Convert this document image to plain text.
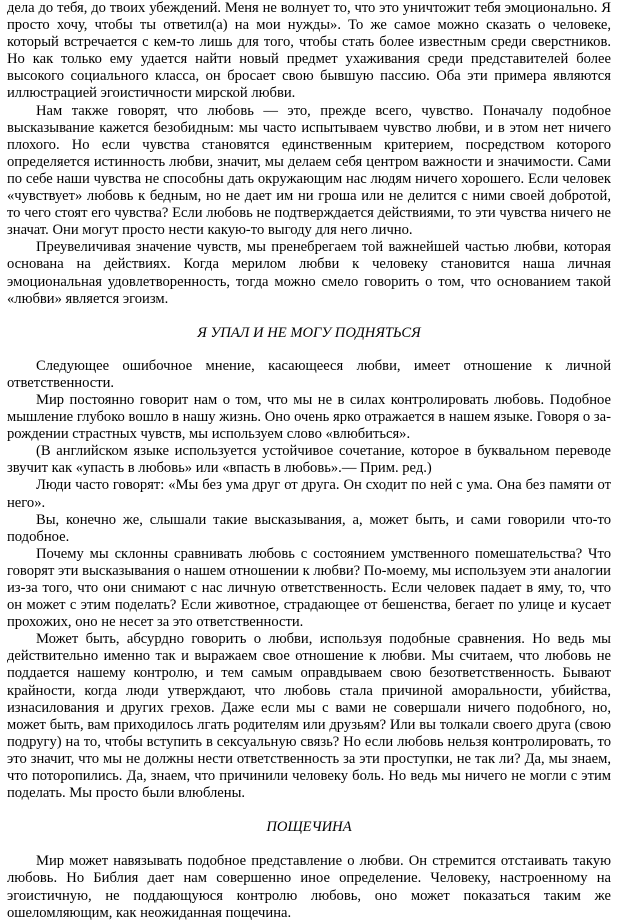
дела до тебя, до твоих убеждений. Меня не волнует то, что это уничтожит тебя эмоционально. Я просто хочу, чтобы ты ответил(а) на мои нужды». То же самое можно сказать о человеке, который встречается с кем-то лишь для того, чтобы стать более известным среди сверстников. Но как только ему удается найти новый предмет ухаживания среди представителей более высокого социального класса, он бросает свою бывшую пассию. Оба эти примера являются иллюстрацией эгоистичности мирской любви.

Нам также говорят, что любовь — это, прежде всего, чувство. Поначалу подобное высказывание кажется безобидным: мы часто испытываем чувство любви, и в этом нет ничего плохого. Но если чувства становятся единственным критерием, посредством которого определяется истинность любви, значит, мы делаем себя центром важности и значимости. Сами по себе наши чувства не способны дать окружающим нас людям ничего хорошего. Если человек «чувствует» любовь к бедным, но не дает им ни гроша или не делится с ними своей добротой, то чего стоят его чувства? Если любовь не подтверждается действиями, то эти чувства ничего не значат. Они могут просто нести какую-то выгоду для него лично.

Преувеличивая значение чувств, мы пренебрегаем той важнейшей частью любви, которая основана на действиях. Когда мерилом любви к человеку становится наша личная эмоциональная удовлетворенность, тогда можно смело говорить о том, что основанием такой «любви» является эгоизм.

Я УПАЛ И НЕ МОГУ ПОДНЯТЬСЯ

Следующее ошибочное мнение, касающееся любви, имеет отношение к личной ответственности.

Мир постоянно говорит нам о том, что мы не в силах контролировать любовь. Подобное мышление глубоко вошло в нашу жизнь. Оно очень ярко отражается в нашем языке. Говоря о зарождении страстных чувств, мы используем слово «влюбиться».

(В английском языке используется устойчивое сочетание, которое в буквальном переводе звучит как «упасть в любовь» или «впасть в любовь».— Прим. ред.)

Люди часто говорят: «Мы без ума друг от друга. Он сходит по ней с ума. Она без памяти от него».

Вы, конечно же, слышали такие высказывания, а, может быть, и сами говорили что-то подобное.

Почему мы склонны сравнивать любовь с состоянием умственного помешательства? Что говорят эти высказывания о нашем отношении к любви? По-моему, мы используем эти аналогии из-за того, что они снимают с нас личную ответственность. Если человек падает в яму, то, что он может с этим поделать? Если животное, страдающее от бешенства, бегает по улице и кусает прохожих, оно не несет за это ответственности.

Может быть, абсурдно говорить о любви, используя подобные сравнения. Но ведь мы действительно именно так и выражаем свое отношение к любви. Мы считаем, что любовь не поддается нашему контролю, и тем самым оправдываем свою безответственность. Бывают крайности, когда люди утверждают, что любовь стала причиной аморальности, убийства, изнасилования и других грехов. Даже если мы с вами не совершали ничего подобного, но, может быть, вам приходилось лгать родителям или друзьям? Или вы толкали своего друга (свою подругу) на то, чтобы вступить в сексуальную связь? Но если любовь нельзя контролировать, то это значит, что мы не должны нести ответственность за эти проступки, не так ли? Да, мы знаем, что поторопились. Да, знаем, что причинили человеку боль. Но ведь мы ничего не могли с этим поделать. Мы просто были влюблены.

ПОЩЕЧИНА

Мир может навязывать подобное представление о любви. Он стремится отстаивать такую любовь. Но Библия дает нам совершенно иное определение. Человеку, настроенному на эгоистичную, не поддающуюся контролю любовь, оно может показаться таким же ошеломляющим, как неожиданная пощечина.
